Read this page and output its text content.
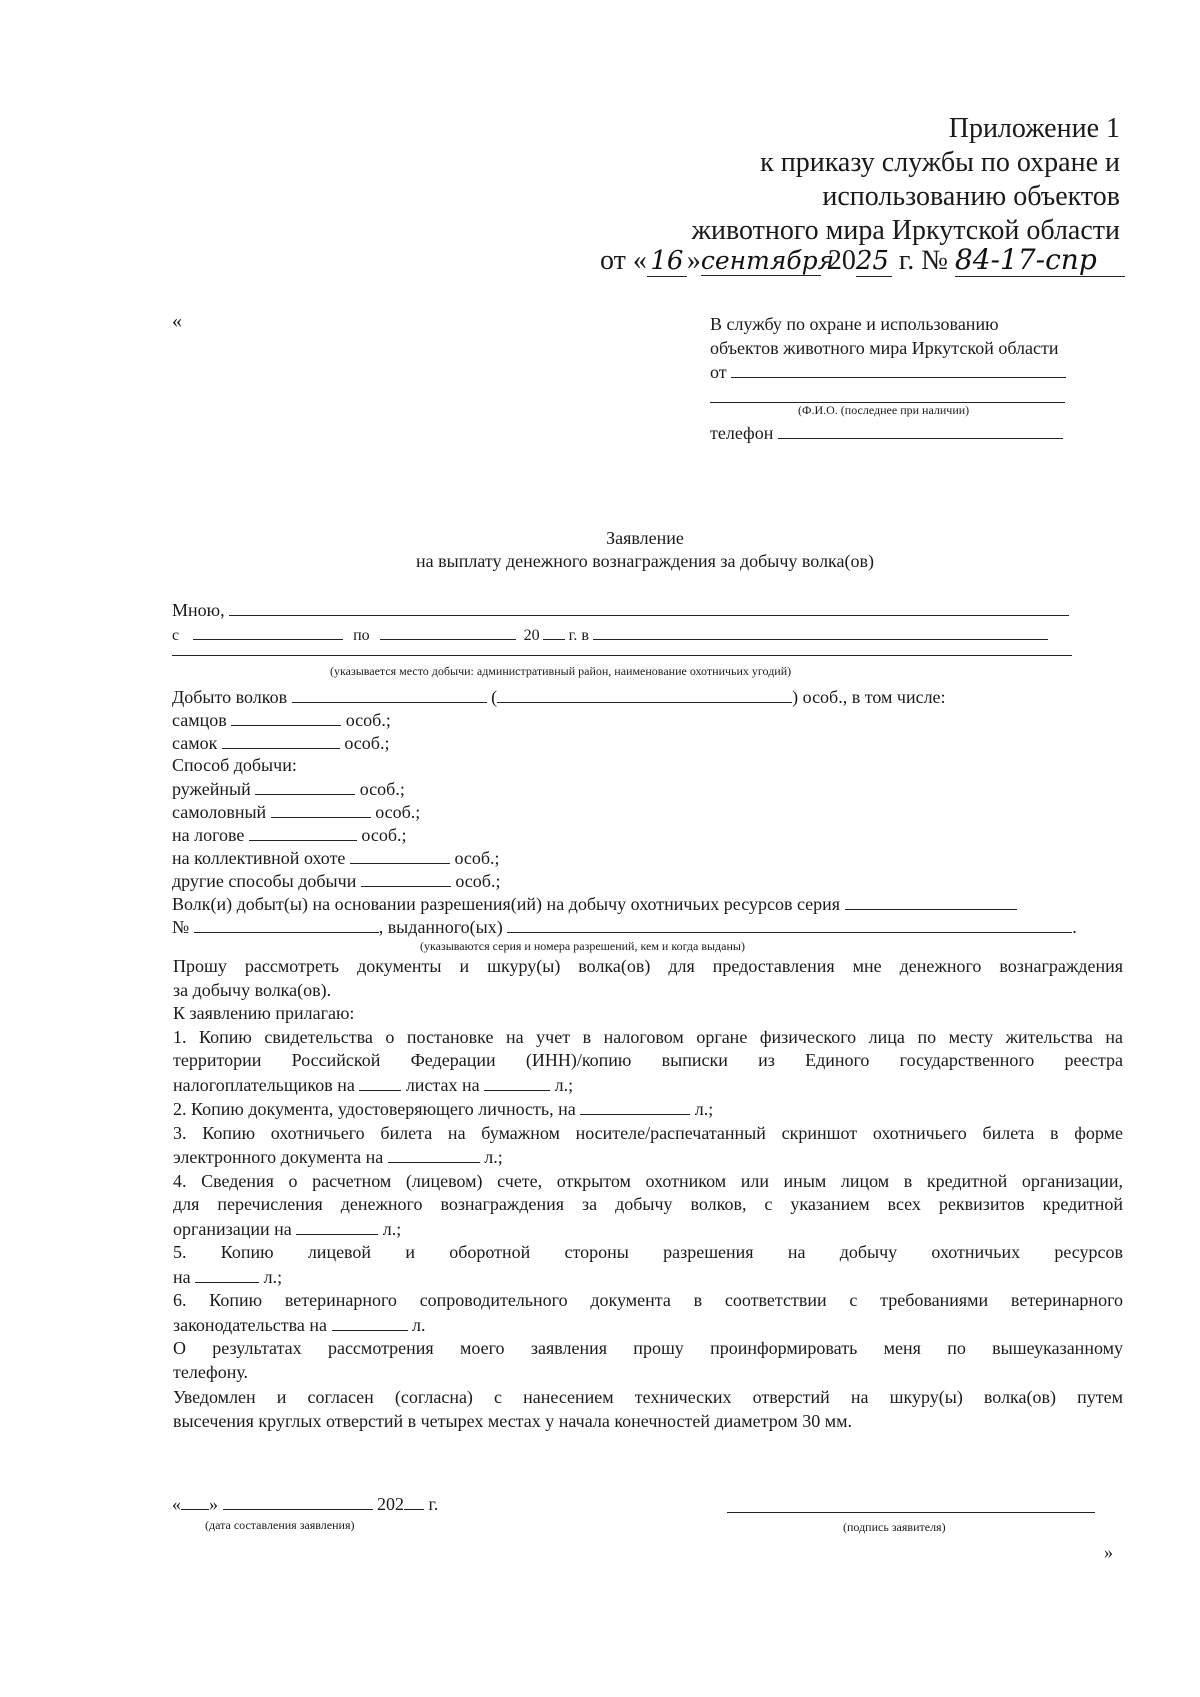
Приложение 1
к приказу службы по охране и
использованию объектов
животного мира Иркутской области
от « 16 »сентября 2025 г. № 84-17-спр
«	В службу по охране и использованию
объектов животного мира Иркутской области
от
(Ф.И.О. (последнее при наличии)
телефон
Заявление
на выплату денежного вознаграждения за добычу волка(ов)
Мною,
с	по	20 г. в
(указывается место добычи: административный район, наименование охотничьих угодий)
Добыто волков	(	) особ., в том числе:
самцов	особ.;
самок	особ.;
Способ добычи:
ружейный	особ.;
самоловный	особ.;
на логове	особ.;
на коллективной охоте	особ.;
другие способы добычи	особ.;
Волк(и) добыт(ы) на основании разрешения(ий) на добычу охотничьих ресурсов серия
№	, выданного(ых)	.
(указываются серия и номера разрешений, кем и когда выданы)
Прошу рассмотреть документы и шкуру(ы) волка(ов) для предоставления мне денежного вознаграждения
за добычу волка(ов).
К заявлению прилагаю:
1. Копию свидетельства о постановке на учет в налоговом органе физического лица по месту жительства на
территории Российской Федерации (ИНН)/копию выписки из Единого государственного реестра
налогоплательщиков на	листах на	л.;
2. Копию документа, удостоверяющего личность, на	л.;
3. Копию охотничьего билета на бумажном носителе/распечатанный скриншот охотничьего билета в форме
электронного документа на	л.;
4. Сведения о расчетном (лицевом) счете, открытом охотником или иным лицом в кредитной организации,
для перечисления денежного вознаграждения за добычу волков, с указанием всех реквизитов кредитной
организации на	л.;
5. Копию лицевой и оборотной стороны разрешения на добычу охотничьих ресурсов
на	л.;
6. Копию ветеринарного сопроводительного документа в соответствии с требованиями ветеринарного
законодательства на	л.
О результатах рассмотрения моего заявления прошу проинформировать меня по вышеуказанному
телефону.
Уведомлен и согласен (согласна) с нанесением технических отверстий на шкуру(ы) волка(ов) путем
высечения круглых отверстий в четырех местах у начала конечностей диаметром 30 мм.
« »	202 г.
(дата составления заявления)	(подпись заявителя)
»
